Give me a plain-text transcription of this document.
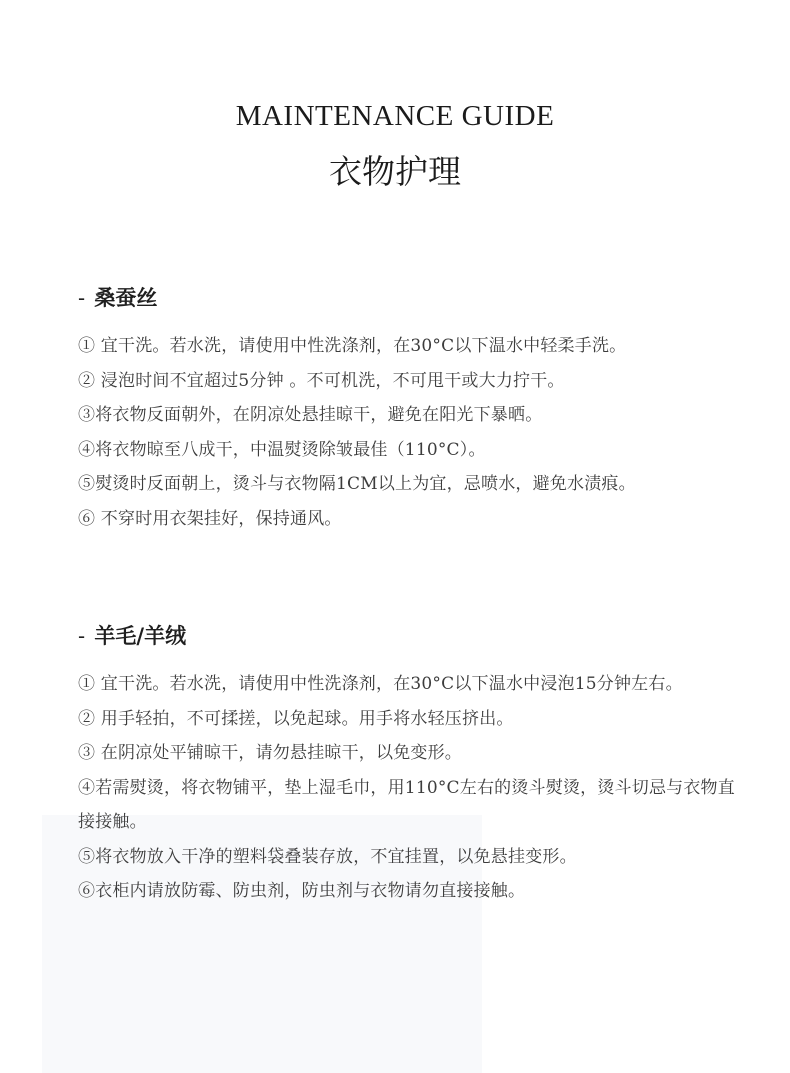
MAINTENANCE GUIDE
衣物护理
- 桑蚕丝
① 宜干洗。若水洗，请使用中性洗涤剂，在30°C以下温水中轻柔手洗。
② 浸泡时间不宜超过5分钟 。不可机洗，不可甩干或大力拧干。
③将衣物反面朝外，在阴凉处悬挂晾干，避免在阳光下暴晒。
④将衣物晾至八成干，中温熨烫除皱最佳（110°C）。
⑤熨烫时反面朝上，烫斗与衣物隔1CM以上为宜，忌喷水，避免水渍痕。
⑥ 不穿时用衣架挂好，保持通风。
- 羊毛/羊绒
① 宜干洗。若水洗，请使用中性洗涤剂，在30°C以下温水中浸泡15分钟左右。
② 用手轻拍，不可揉搓，以免起球。用手将水轻压挤出。
③ 在阴凉处平铺晾干，请勿悬挂晾干，以免变形。
④若需熨烫，将衣物铺平，垫上湿毛巾，用110°C左右的烫斗熨烫，烫斗切忌与衣物直接接触。
⑤将衣物放入干净的塑料袋叠装存放，不宜挂置，以免悬挂变形。
⑥衣柜内请放防霉、防虫剂，防虫剂与衣物请勿直接接触。
